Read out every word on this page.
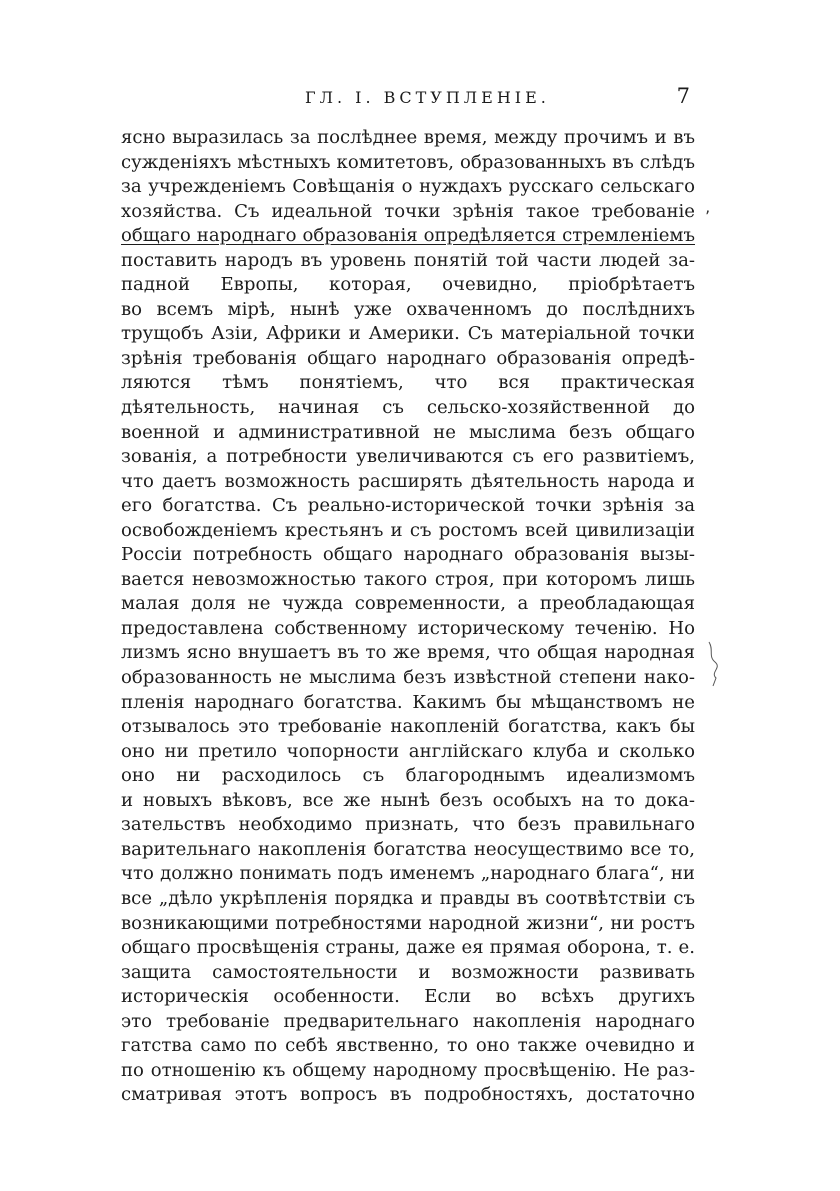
ГЛ. I. ВСТУПЛЕНІЕ.	7
ясно выразилась за послѣднее время, между прочимъ и въ
сужденіяхъ мѣстныхъ комитетовъ, образованныхъ въ слѣдъ
за учрежденіемъ Совѣщанія о нуждахъ русскаго сельскаго
хозяйства. Съ идеальной точки зрѣнія такое требованіе
общаго народнаго образованія опредѣляется стремленіемъ
поставить народъ въ уровень понятій той части людей за-
падной Европы, которая, очевидно, пріобрѣтаетъ
во всемъ мірѣ, нынѣ уже охваченномъ до послѣднихъ
трущобъ Азіи, Африки и Америки. Съ матеріальной точки
зрѣнія требованія общаго народнаго образованія опредѣ-
ляются тѣмъ понятіемъ, что вся практическая
дѣятельность, начиная съ сельско-хозяйственной до
военной и административной не мыслима безъ общаго
зованія, а потребности увеличиваются съ его развитіемъ,
что даетъ возможность расширять дѣятельность народа и
его богатства. Съ реально-исторической точки зрѣнія за
освобожденіемъ крестьянъ и съ ростомъ всей цивилизаціи
Россіи потребность общаго народнаго образованія вызы-
вается невозможностью такого строя, при которомъ лишь
малая доля не чужда современности, а преобладающая
предоставлена собственному историческому теченію. Но
лизмъ ясно внушаетъ въ то же время, что общая народная
образованность не мыслима безъ извѣстной степени нако-
пленія народнаго богатства. Какимъ бы мѣщанствомъ не
отзывалось это требованіе накопленій богатства, какъ бы
оно ни претило чопорности англійскаго клуба и сколько
оно ни расходилось съ благороднымъ идеализмомъ
и новыхъ вѣковъ, все же нынѣ безъ особыхъ на то дока-
зательствъ необходимо признать, что безъ правильнаго
варительнаго накопленія богатства неосуществимо все то,
что должно понимать подъ именемъ „народнаго блага“, ни
все „дѣло укрѣпленія порядка и правды въ соотвѣтствіи съ
возникающими потребностями народной жизни“, ни ростъ
общаго просвѣщенія страны, даже ея прямая оборона, т. е.
защита самостоятельности и возможности развивать
историческія особенности. Если во всѣхъ другихъ
это требованіе предварительнаго накопленія народнаго
гатства само по себѣ явственно, то оно также очевидно и
по отношенію къ общему народному просвѣщенію. Не раз-
сматривая этотъ вопросъ въ подробностяхъ, достаточно
’
